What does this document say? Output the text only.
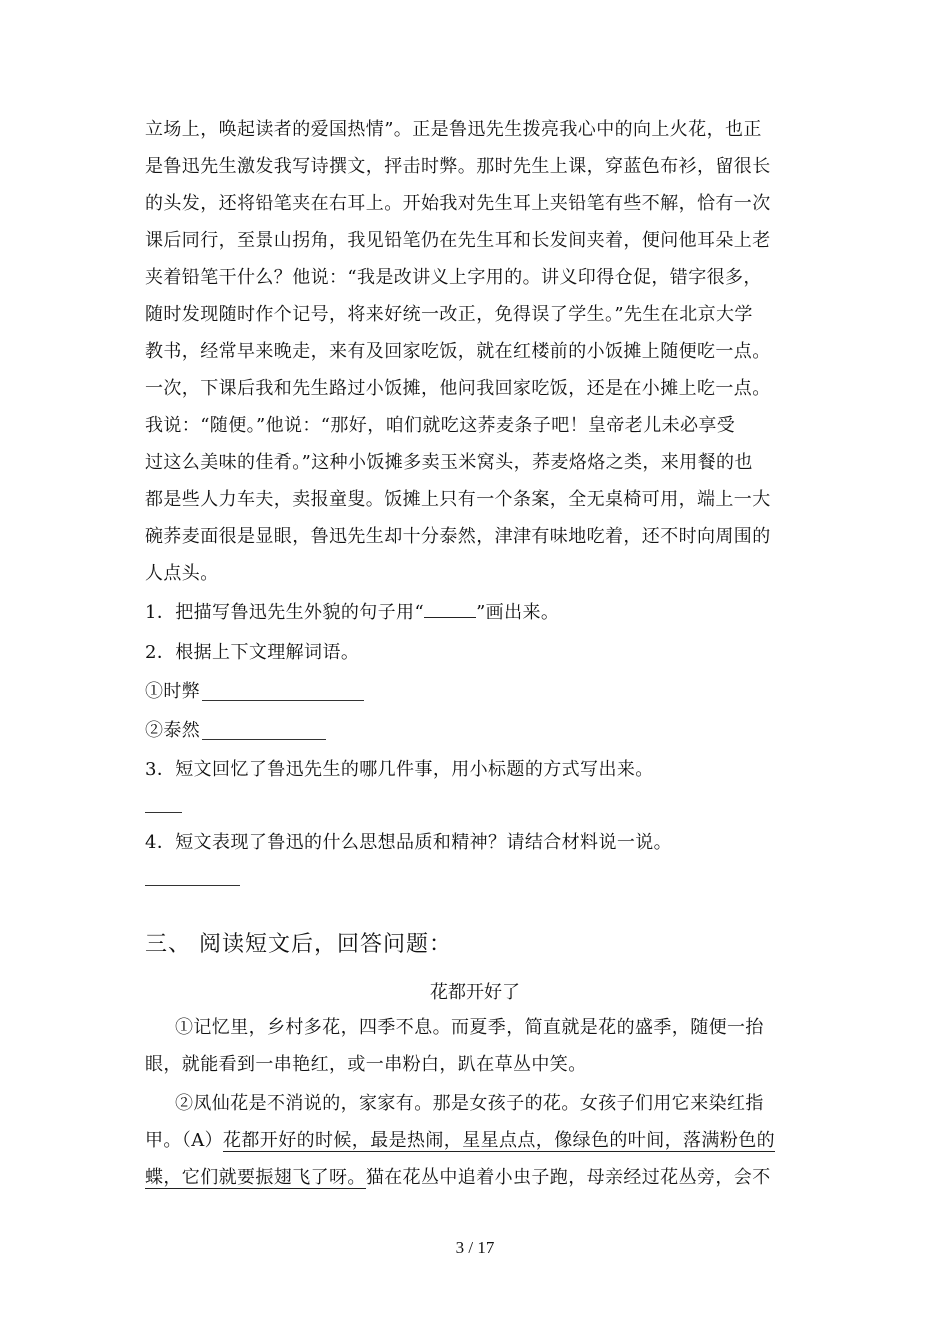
立场上，唤起读者的爱国热情”。正是鲁迅先生拨亮我心中的向上火花，也正
是鲁迅先生激发我写诗撰文，抨击时弊。那时先生上课，穿蓝色布衫，留很长
的头发，还将铅笔夹在右耳上。开始我对先生耳上夹铅笔有些不解，恰有一次
课后同行，至景山拐角，我见铅笔仍在先生耳和长发间夹着，便问他耳朵上老
夹着铅笔干什么？他说：“我是改讲义上字用的。讲义印得仓促，错字很多，
随时发现随时作个记号，将来好统一改正，免得误了学生。”先生在北京大学
教书，经常早来晚走，来有及回家吃饭，就在红楼前的小饭摊上随便吃一点。
一次，下课后我和先生路过小饭摊，他问我回家吃饭，还是在小摊上吃一点。
我说：“随便。”他说：“那好，咱们就吃这荞麦条子吧！皇帝老儿未必享受
过这么美味的佳肴。”这种小饭摊多卖玉米窝头，荞麦烙烙之类，来用餐的也
都是些人力车夫，卖报童叟。饭摊上只有一个条案，全无桌椅可用，端上一大
碗荞麦面很是显眼，鲁迅先生却十分泰然，津津有味地吃着，还不时向周围的
人点头。
1．把描写鲁迅先生外貌的句子用“	”画出来。
2．根据上下文理解词语。
①时弊
②泰然
3．短文回忆了鲁迅先生的哪几件事，用小标题的方式写出来。
4．短文表现了鲁迅的什么思想品质和精神？请结合材料说一说。
三、 阅读短文后，回答问题：
花都开好了
①记忆里，乡村多花，四季不息。而夏季，简直就是花的盛季，随便一抬
眼，就能看到一串艳红，或一串粉白，趴在草丛中笑。
②凤仙花是不消说的，家家有。那是女孩子的花。女孩子们用它来染红指
甲。（A）花都开好的时候，最是热闹，星星点点，像绿色的叶间，落满粉色的
蝶，它们就要振翅飞了呀。猫在花丛中追着小虫子跑，母亲经过花丛旁，会不
3 / 17
